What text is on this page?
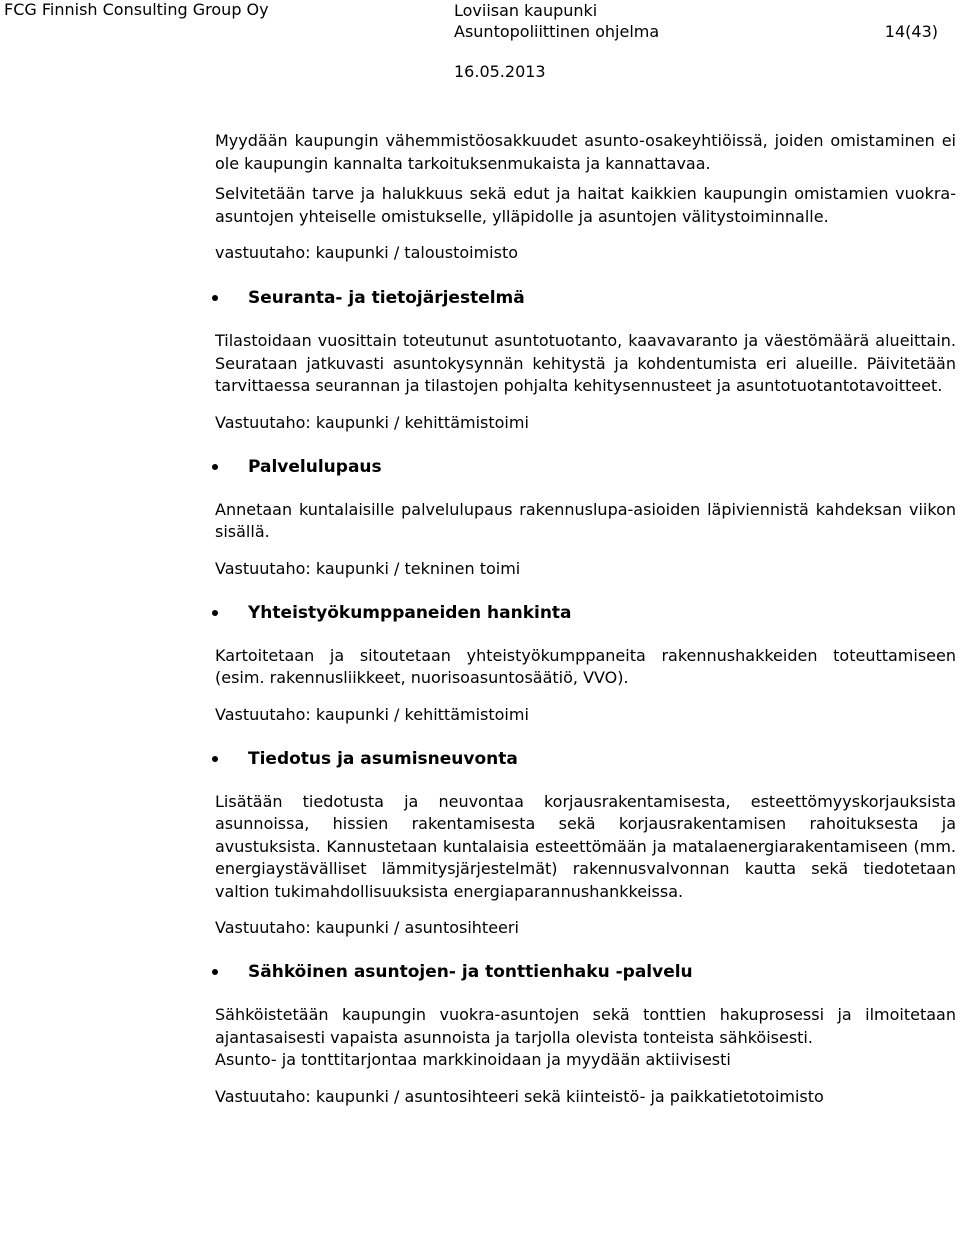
FCG Finnish Consulting Group Oy	Loviisan kaupunki
Asuntopoliittinen ohjelma	14(43)
16.05.2013

Myydään kaupungin vähemmistöosakkuudet asunto-osakeyhtiöissä, joiden omistaminen ei ole kaupungin kannalta tarkoituksenmukaista ja kannattavaa.

Selvitetään tarve ja halukkuus sekä edut ja haitat kaikkien kaupungin omistamien vuokra-asuntojen yhteiselle omistukselle, ylläpidolle ja asuntojen välitystoiminnalle.

vastuutaho: kaupunki / taloustoimisto

Seuranta- ja tietojärjestelmä

Tilastoidaan vuosittain toteutunut asuntotuotanto, kaavavaranto ja väestömäärä alueittain. Seurataan jatkuvasti asuntokysynnän kehitystä ja kohdentumista eri alueille. Päivitetään tarvittaessa seurannan ja tilastojen pohjalta kehitysennusteet ja asuntotuotantotavoitteet.

Vastuutaho: kaupunki / kehittämistoimi

Palvelulupaus

Annetaan kuntalaisille palvelulupaus rakennuslupa-asioiden läpiviennistä kahdeksan viikon sisällä.

Vastuutaho: kaupunki / tekninen toimi

Yhteistyökumppaneiden hankinta

Kartoitetaan ja sitoutetaan yhteistyökumppaneita rakennushakkeiden toteuttamiseen (esim. rakennusliikkeet, nuorisoasuntosäätiö, VVO).

Vastuutaho: kaupunki / kehittämistoimi

Tiedotus ja asumisneuvonta

Lisätään tiedotusta ja neuvontaa korjausrakentamisesta, esteettömyyskorjauksista asunnoissa, hissien rakentamisesta sekä korjausrakentamisen rahoituksesta ja avustuksista. Kannustetaan kuntalaisia esteettömään ja matalaenergiarakentamiseen (mm. energiaystävälliset lämmitysjärjestelmät) rakennusvalvonnan kautta sekä tiedotetaan valtion tukimahdollisuuksista energiaparannushankkeissa.

Vastuutaho: kaupunki / asuntosihteeri

Sähköinen asuntojen- ja tonttienhaku -palvelu

Sähköistetään kaupungin vuokra-asuntojen sekä tonttien hakuprosessi ja ilmoitetaan ajantasaisesti vapaista asunnoista ja tarjolla olevista tonteista sähköisesti.

Asunto- ja tonttitarjontaa markkinoidaan ja myydään aktiivisesti

Vastuutaho: kaupunki / asuntosihteeri sekä kiinteistö- ja paikkatietotoimisto
